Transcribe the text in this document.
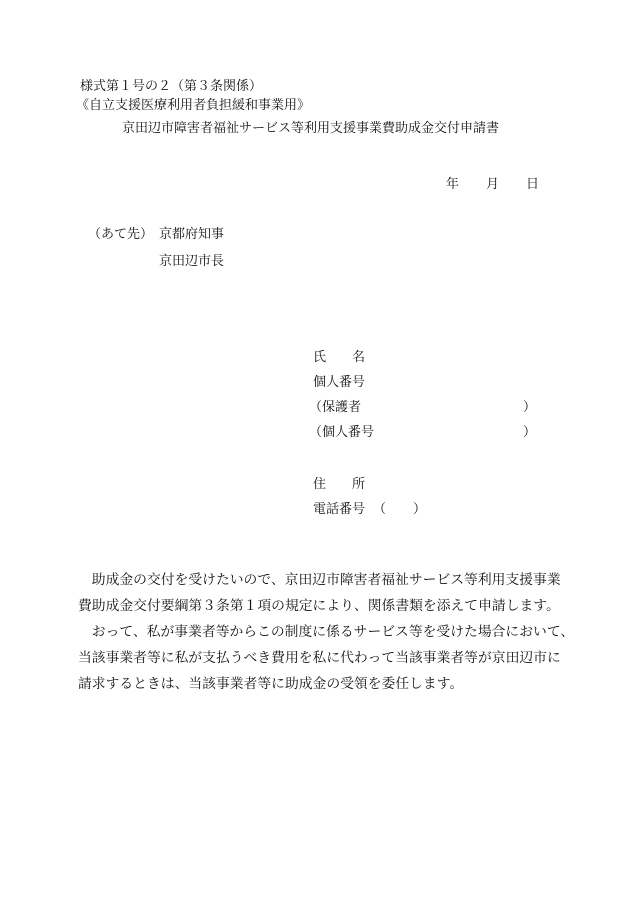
様式第１号の２（第３条関係）
《自立支援医療利用者負担緩和事業用》
京田辺市障害者福祉サービス等利用支援事業費助成金交付申請書
年 月 日
（あて先） 京都府知事
京田辺市長
氏　　名
個人番号
（保護者	）
（個人番号	）
住　　所
電話番号 （ ）
　助成金の交付を受けたいので、京田辺市障害者福祉サービス等利用支援事業
費助成金交付要綱第３条第１項の規定により、関係書類を添えて申請します。
　おって、私が事業者等からこの制度に係るサービス等を受けた場合において、
当該事業者等に私が支払うべき費用を私に代わって当該事業者等が京田辺市に
請求するときは、当該事業者等に助成金の受領を委任します。
